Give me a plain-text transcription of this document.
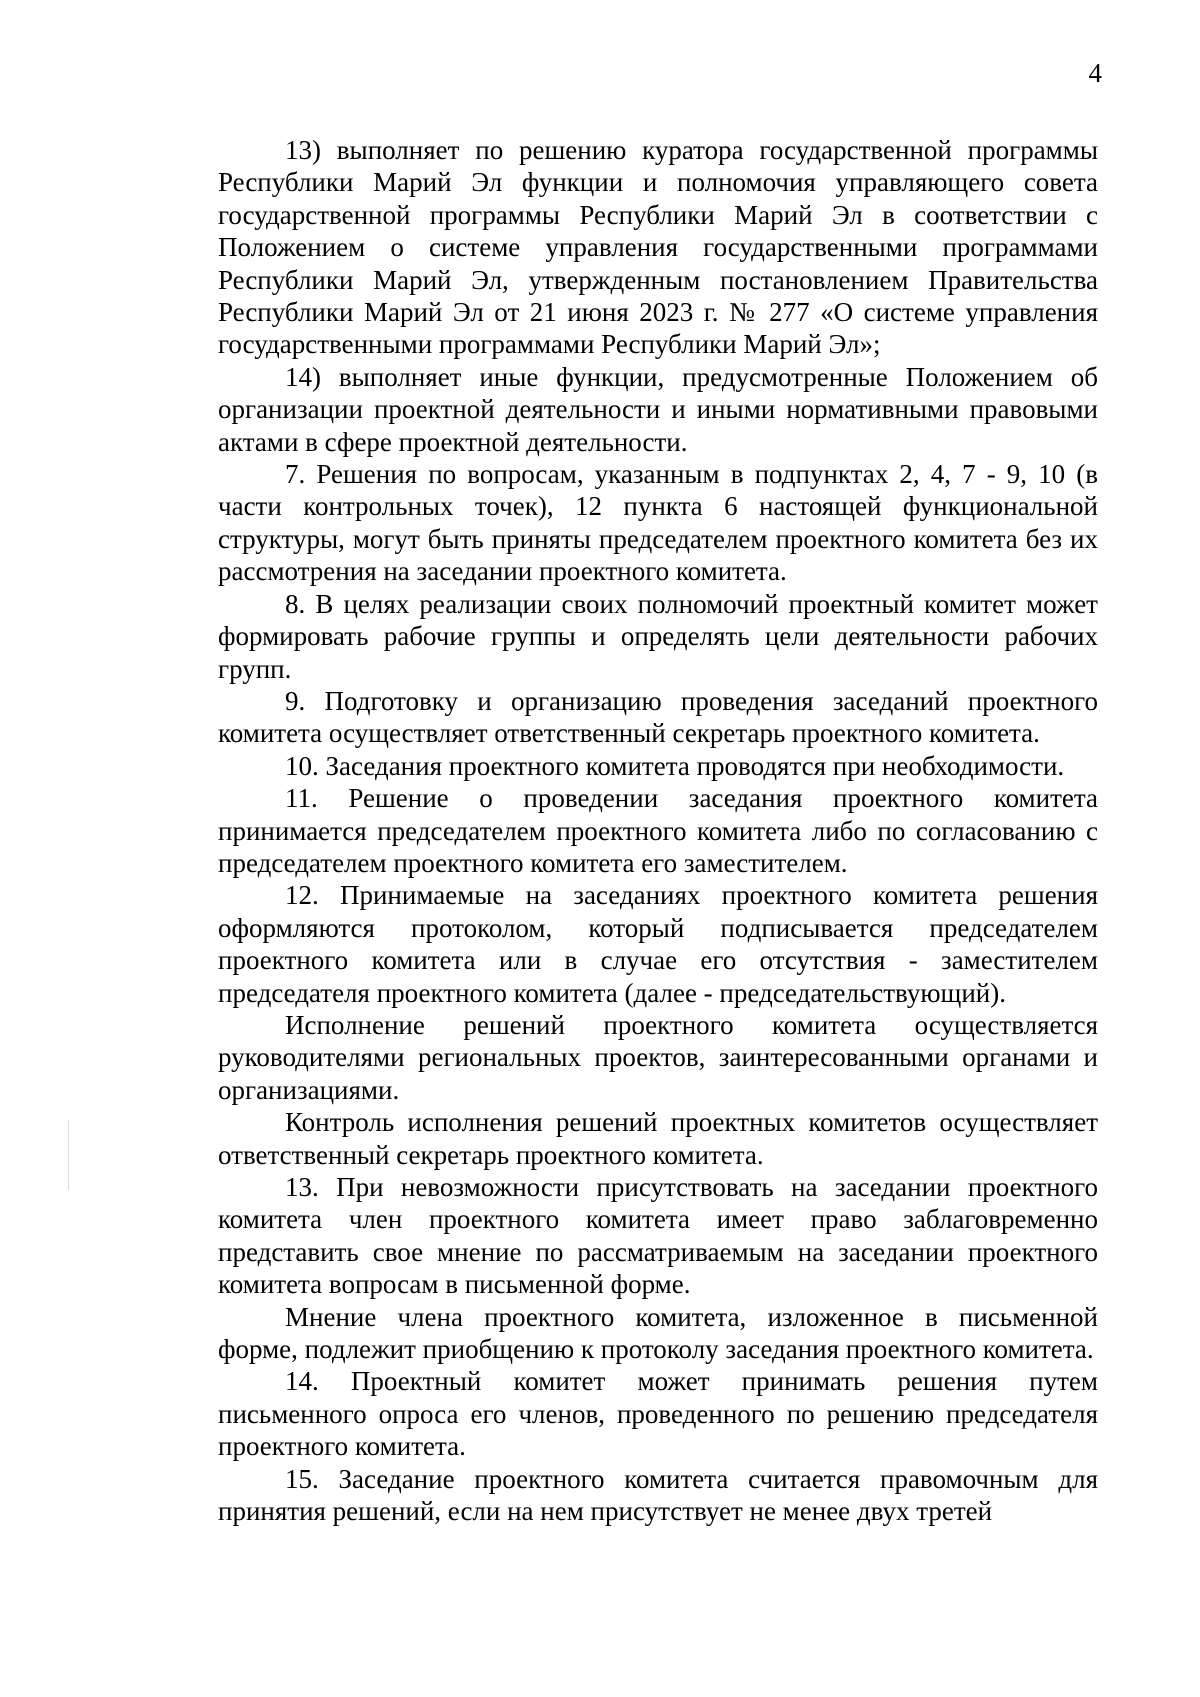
4

13) выполняет по решению куратора государственной программы Республики Марий Эл функции и полномочия управляющего совета государственной программы Республики Марий Эл в соответствии с Положением о системе управления государственными программами Республики Марий Эл, утвержденным постановлением Правительства Республики Марий Эл от 21 июня 2023 г. № 277 «О системе управления государственными программами Республики Марий Эл»;

14) выполняет иные функции, предусмотренные Положением об организации проектной деятельности и иными нормативными правовыми актами в сфере проектной деятельности.

7. Решения по вопросам, указанным в подпунктах 2, 4, 7 - 9, 10 (в части контрольных точек), 12 пункта 6 настоящей функциональной структуры, могут быть приняты председателем проектного комитета без их рассмотрения на заседании проектного комитета.

8. В целях реализации своих полномочий проектный комитет может формировать рабочие группы и определять цели деятельности рабочих групп.

9. Подготовку и организацию проведения заседаний проектного комитета осуществляет ответственный секретарь проектного комитета.

10. Заседания проектного комитета проводятся при необходимости.

11. Решение о проведении заседания проектного комитета принимается председателем проектного комитета либо по согласованию с председателем проектного комитета его заместителем.

12. Принимаемые на заседаниях проектного комитета решения оформляются протоколом, который подписывается председателем проектного комитета или в случае его отсутствия - заместителем председателя проектного комитета (далее - председательствующий).

Исполнение решений проектного комитета осуществляется руководителями региональных проектов, заинтересованными органами и организациями.

Контроль исполнения решений проектных комитетов осуществляет ответственный секретарь проектного комитета.

13. При невозможности присутствовать на заседании проектного комитета член проектного комитета имеет право заблаговременно представить свое мнение по рассматриваемым на заседании проектного комитета вопросам в письменной форме.

Мнение члена проектного комитета, изложенное в письменной форме, подлежит приобщению к протоколу заседания проектного комитета.

14. Проектный комитет может принимать решения путем письменного опроса его членов, проведенного по решению председателя проектного комитета.

15. Заседание проектного комитета считается правомочным для принятия решений, если на нем присутствует не менее двух третей
